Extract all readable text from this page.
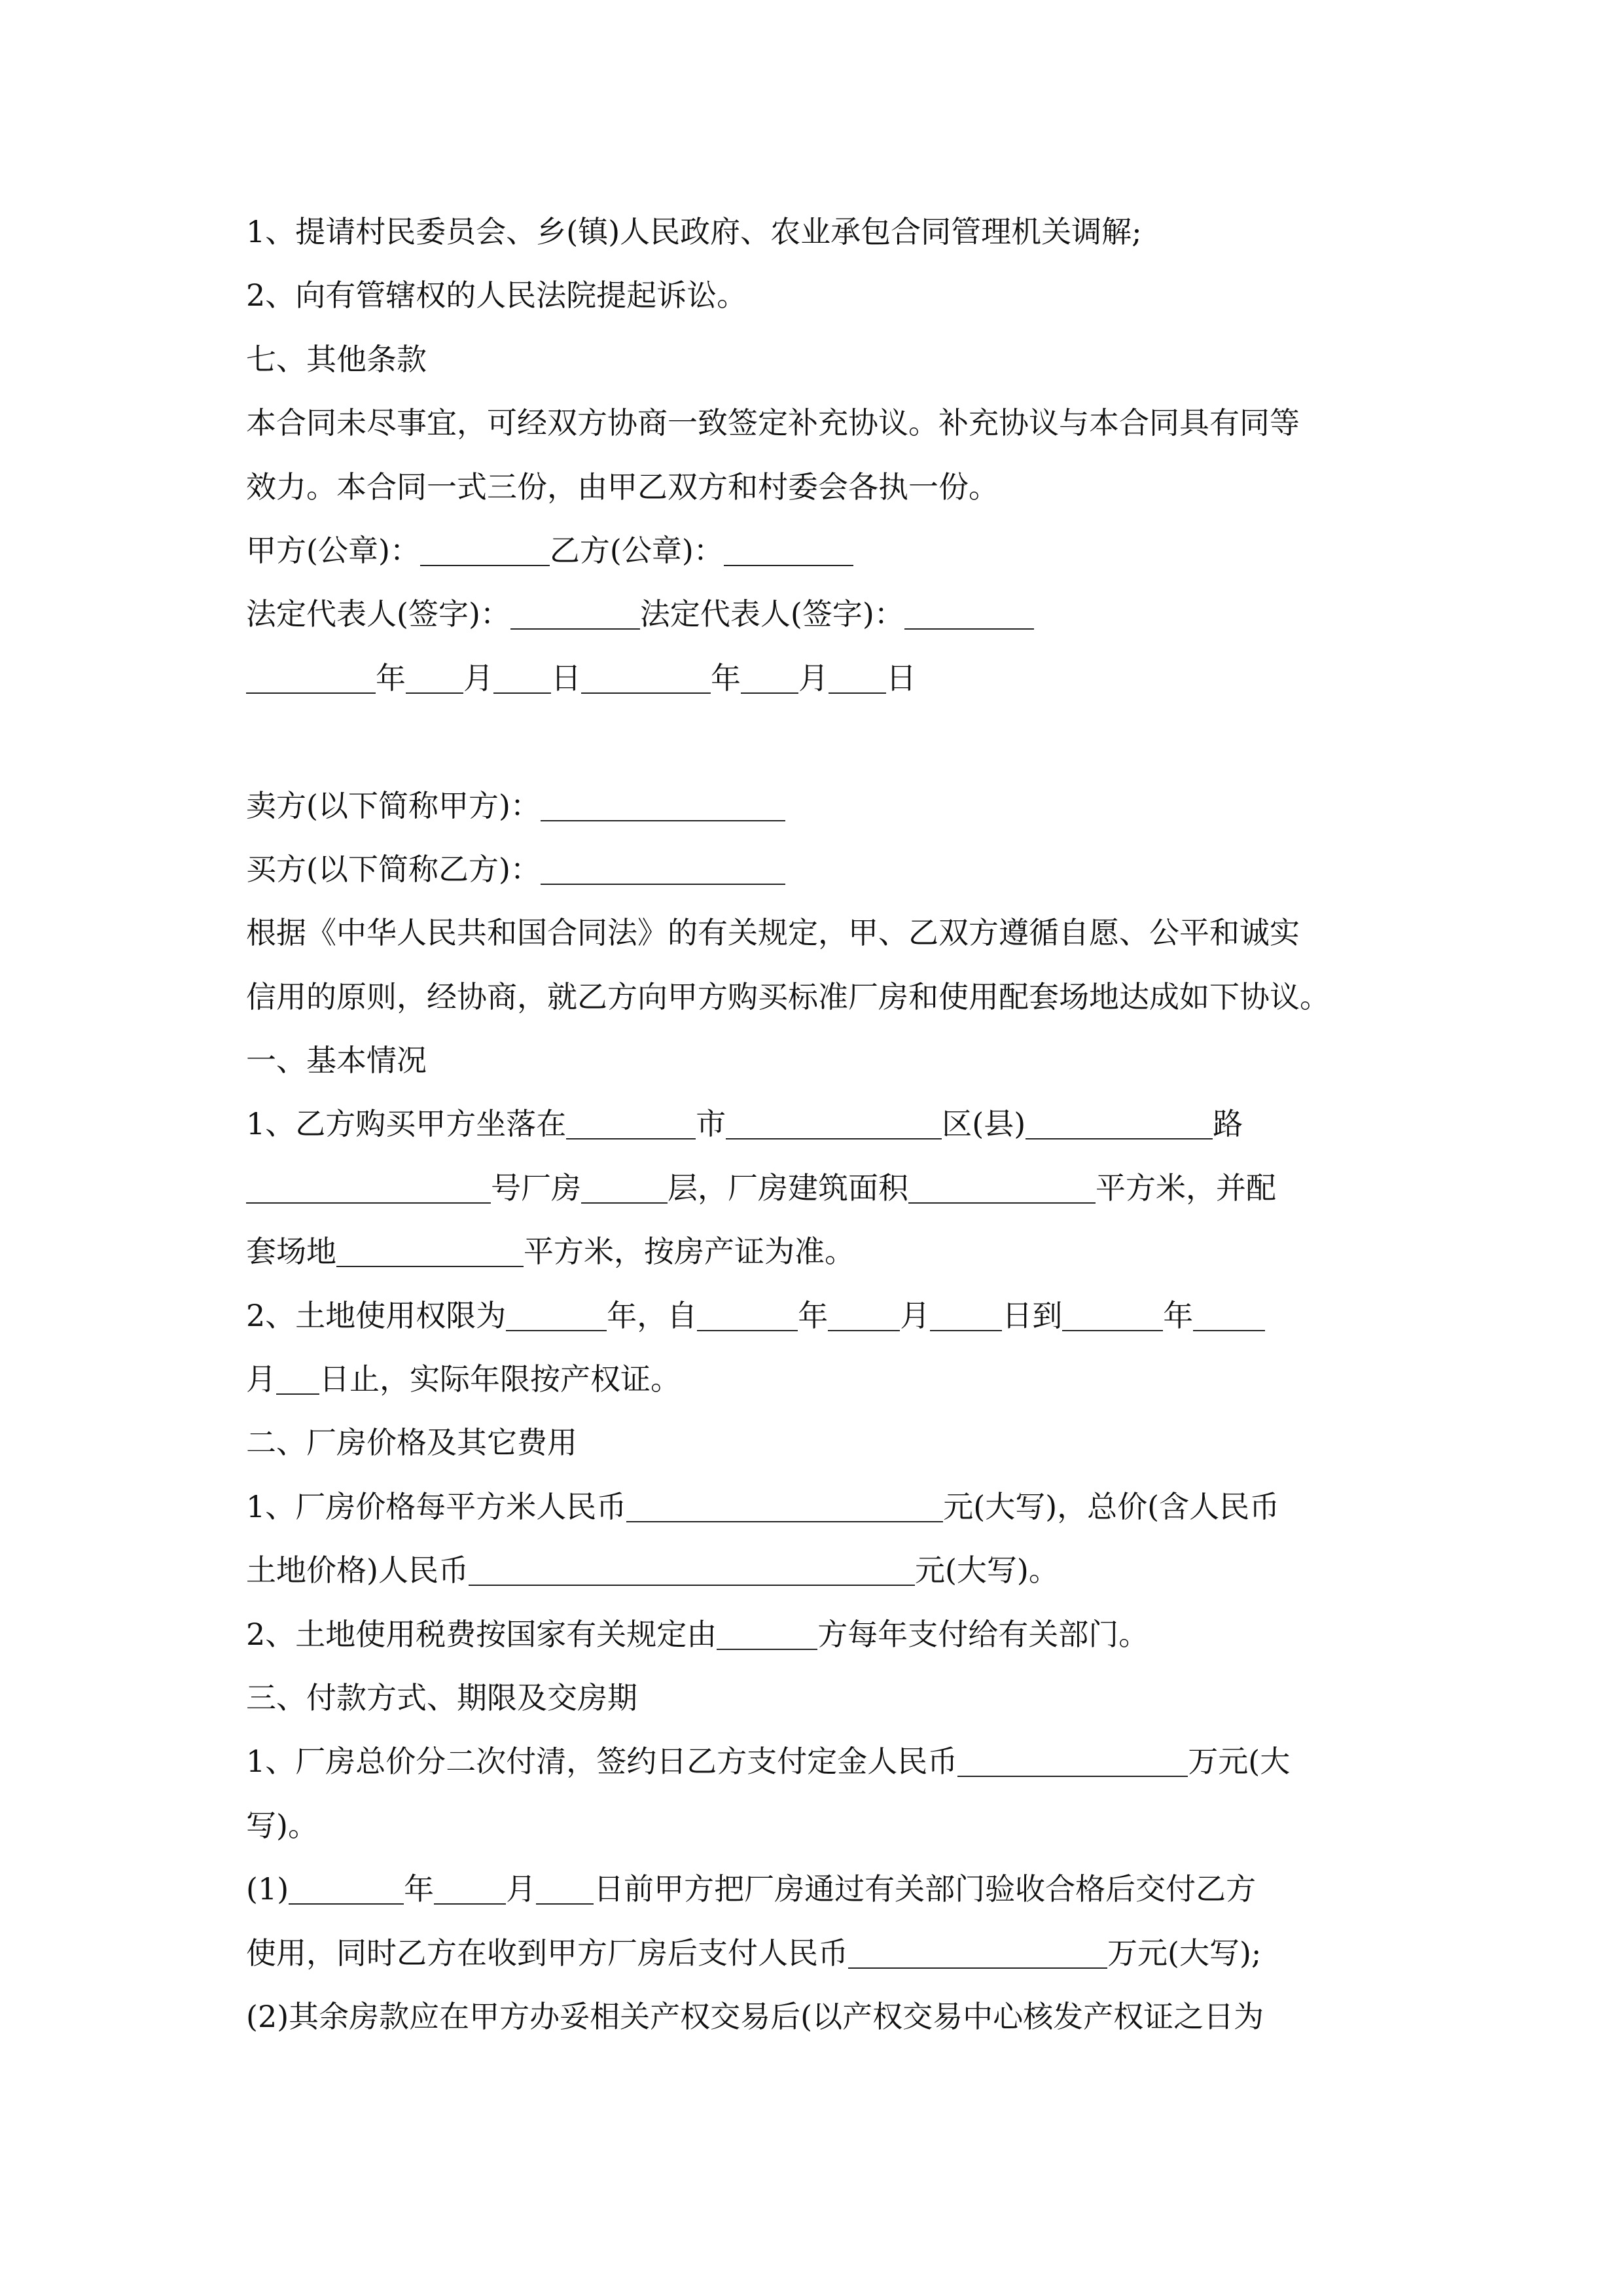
1、提请村民委员会、乡(镇)人民政府、农业承包合同管理机关调解;
2、向有管辖权的人民法院提起诉讼。
七、其他条款
本合同未尽事宜，可经双方协商一致签定补充协议。补充协议与本合同具有同等
效力。本合同一式三份，由甲乙双方和村委会各执一份。
甲方(公章)：	乙方(公章)：
法定代表人(签字)：	法定代表人(签字)：
年 月 日	年 月 日
卖方(以下简称甲方)：
买方(以下简称乙方)：
根据《中华人民共和国合同法》的有关规定，甲、乙双方遵循自愿、公平和诚实
信用的原则，经协商，就乙方向甲方购买标准厂房和使用配套场地达成如下协议。
一、基本情况
1、乙方购买甲方坐落在	市	区(县)	路
号厂房	层，厂房建筑面积	平方米，并配
套场地	平方米，按房产证为准。
2、土地使用权限为	年，自	年 月 日到	年
月 日止，实际年限按产权证。
二、厂房价格及其它费用
1、厂房价格每平方米人民币	元(大写)，总价(含人民币
土地价格)人民币	元(大写)。
2、土地使用税费按国家有关规定由	方每年支付给有关部门。
三、付款方式、期限及交房期
1、厂房总价分二次付清，签约日乙方支付定金人民币	万元(大
写)。
(1)	年 月 日前甲方把厂房通过有关部门验收合格后交付乙方
使用，同时乙方在收到甲方厂房后支付人民币	万元(大写);
(2)其余房款应在甲方办妥相关产权交易后(以产权交易中心核发产权证之日为
